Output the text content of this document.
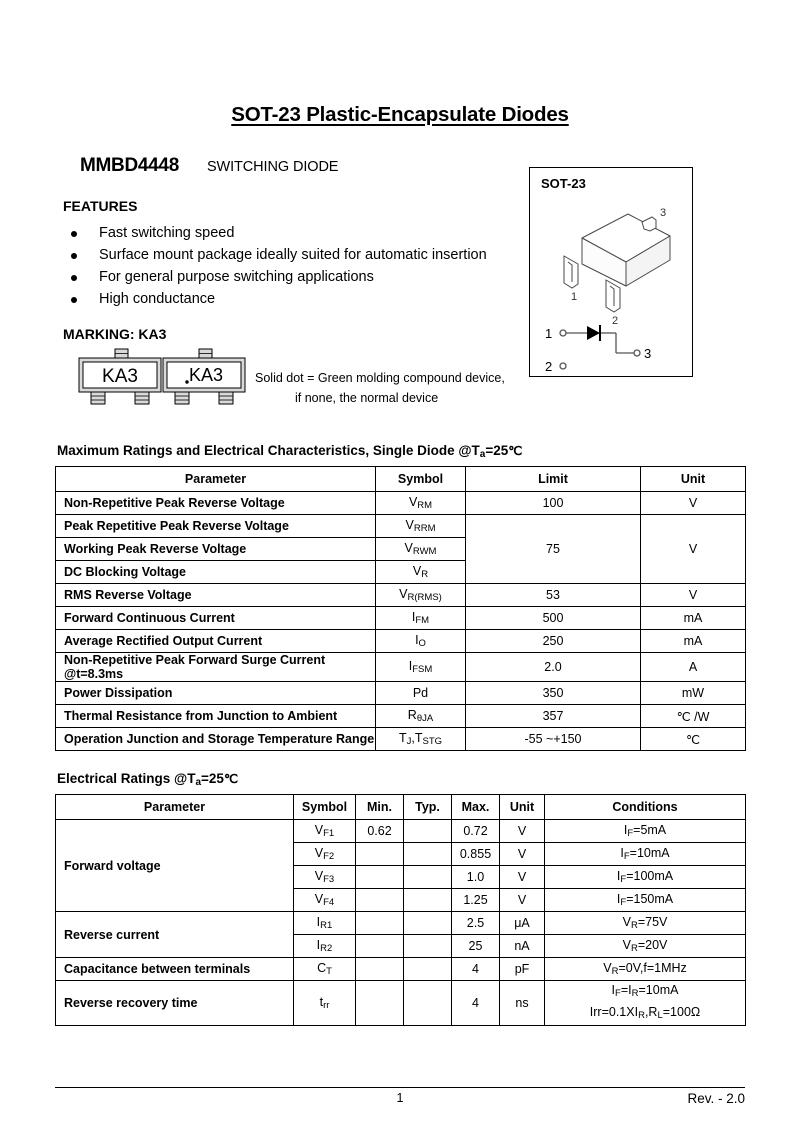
SOT-23 Plastic-Encapsulate Diodes
MMBD4448 SWITCHING DIODE
FEATURES
Fast switching speed
Surface mount package ideally suited for automatic insertion
For general purpose switching applications
High conductance
MARKING: KA3
KA3	KA3	Solid dot = Green molding compound device,
if none, the normal device
SOT-23
1
2
3
1
2
3
Maximum Ratings and Electrical Characteristics, Single Diode $@T_a=25℃$
Parameter	Symbol	Limit	Unit
Non-Repetitive Peak Reverse Voltage	$V_{RM}$	100	V
Peak Repetitive Peak Reverse Voltage	$V_{RRM}$	75	V
Working Peak Reverse Voltage	$V_{RWM}$
DC Blocking Voltage	$V_R$
RMS Reverse Voltage	$V_{R(RMS)}$	53	V
Forward Continuous Current	$I_{FM}$	500	mA
Average Rectified Output Current	$I_O$	250	mA
Non-Repetitive Peak Forward Surge Current @t=8.3ms	$I_{FSM}$	2.0	A
Power Dissipation	Pd	350	mW
Thermal Resistance from Junction to Ambient	$R_{\theta JA}$	357	℃ /W
Operation Junction and Storage Temperature Range	$T_J,T_{STG}$	-55 ~+150	℃
Electrical Ratings $@T_a=25℃$
Parameter	Symbol	Min.	Typ.	Max.	Unit	Conditions
Forward voltage	$V_{F1}$	0.62		0.72	V	$I_F=5mA$
	$V_{F2}$			0.855	V	$I_F=10mA$
	$V_{F3}$			1.0	V	$I_F=100mA$
	$V_{F4}$			1.25	V	$I_F=150mA$
Reverse current	$I_{R1}$			2.5	μA	$V_R=75V$
	$I_{R2}$			25	nA	$V_R=20V$
Capacitance between terminals	$C_T$			4	pF	$V_R=0V,f=1MHz$
Reverse recovery time	$t_{rr}$			4	ns	$I_F=I_R=10mA$
$Irr=0.1XI_R,R_L=100\Omega$
1	Rev. - 2.0
